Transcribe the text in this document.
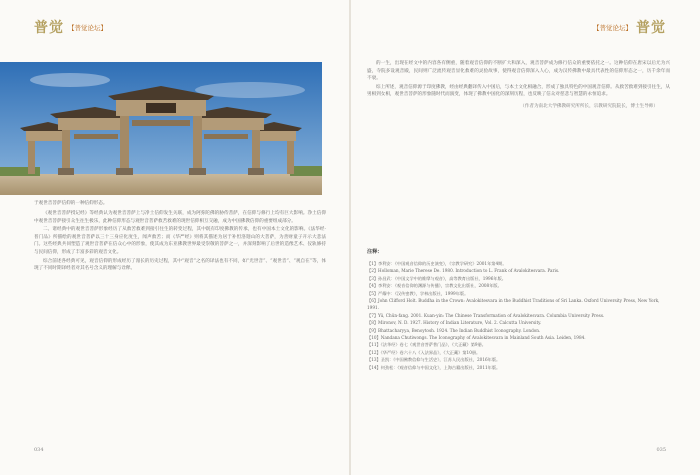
普觉 【普觉论坛】
于观世音菩萨信仰的一种信仰形态。

《观世音菩萨授记经》等经典认为观世音菩萨上与净土信仰发生关联，成为阿弥陀佛的胁侍菩萨，在信仰与修行上均有巨大影响。净土信仰中观世音菩萨接引众生往生极乐，此种信仰形态与观世音菩萨救苦救难的现世信仰相互交融，成为中国佛教信仰的重要组成部分。

二、诸经典中的观世音菩萨形象经历了从救苦救难到接引往生的转变过程，其中既有印度佛教的传承，也有中国本土文化的影响。《法华经·普门品》所描绘的观世音菩萨以三十三身应化度生，闻声救苦；而《华严经》则将其描述为居于补怛洛迦山的大菩萨，为善财童子开示大悲法门。这些经典共同塑造了观世音菩萨在信众心中的形象，使其成为东亚佛教世界最受崇敬的菩萨之一，并深刻影响了后世的造像艺术、仪轨修持与民间信仰，形成了丰富多彩的观音文化。

综合前述各经典可见，观音信仰的形成经历了漫长的历史过程，其中“观音”之名的译法也有不同，如“光世音”、“观世音”、“观自在”等，体现了不同时期译经者对其名号含义的理解与诠释。

034
【普觉论坛】 普觉

的一生，出现在经文中的内容各有侧重，随着观音信仰的不断扩大和深入，观音菩萨成为修行信众的重要依托之一。这种信仰在唐宋以后尤为兴盛，寺院多设观音殿，民间则广泛流传观音显化救难的灵验故事，使得观音信仰深入人心，成为汉传佛教中最具代表性的信仰形态之一，历千余年而不衰。

综上所述，观音信仰源于印度佛教，经由经典翻译传入中国后，与本土文化相融合，形成了独具特色的中国观音信仰。从救苦救难到接引往生，从男相到女相，观世音菩萨的形象随时代而演变，体现了佛教中国化的深刻历程，也反映了信众对慈悲与智慧的永恒追求。

（作者为南北大学佛教研究所所长，宗教研究院院长，博士生导师）
注释：
【1】李利安：《中国观音信仰的历史演变》，《宗教学研究》2001年第4期。
【2】Holloman, Marie Therese De. 1980. Introduction to L. Frank of Avalokitesvara. Paris.
【3】孙昌武：《中国文学中的维摩与观音》，高等教育出版社，1996年版。
【4】李利安：《观音信仰的渊源与传播》，宗教文化出版社，2008年版。
【5】严耀中：《汉传密教》，学林出版社，1999年版。
【6】John Clifford Holt. Buddha in the Crown: Avalokitesvara in the Buddhist Traditions of Sri Lanka. Oxford University Press, New York, 1991.
【7】Yü, Chün-fang. 2001. Kuan-yin: The Chinese Transformation of Avalokitesvara. Columbia University Press.
【8】Mironov, N. D. 1927. History of Indian Literature, Vol. 2. Calcutta University.
【9】Bhattacharyya, Benoytosh. 1924. The Indian Buddhist Iconography. London.
【10】Nandana Chutiwongs. The Iconography of Avalokitesvara in Mainland South Asia. Leiden, 1984.
【11】《法华经》卷七《观世音菩萨普门品》，《大正藏》第9册。
【12】《华严经》卷六十八《入法界品》，《大正藏》第10册。
【13】圣凯：《中国佛教信仰与生活史》，江苏人民出版社，2016年版。
【14】何劲松：《观音信仰与中国文化》，上海古籍出版社，2011年版。
035
